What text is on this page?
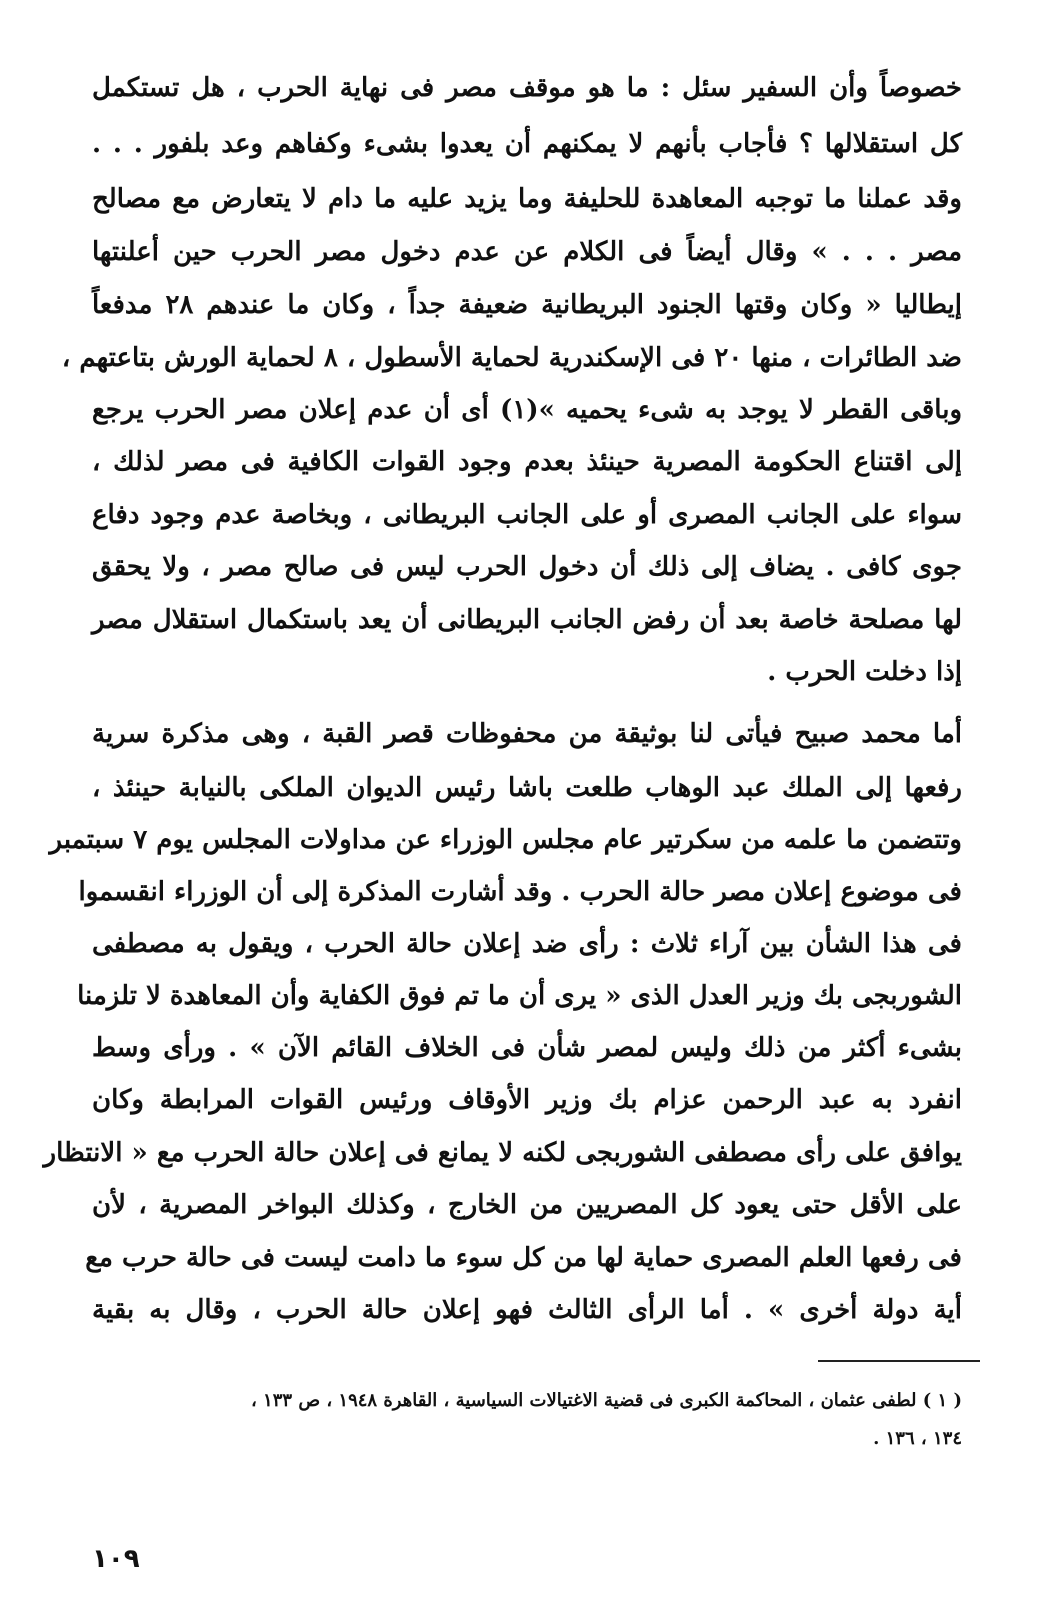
خصوصاً وأن السفير سئل : ما هو موقف مصر فى نهاية الحرب ، هل تستكمل
كل استقلالها ؟ فأجاب بأنهم لا يمكنهم أن يعدوا بشىء وكفاهم وعد بلفور . . .
وقد عملنا ما توجبه المعاهدة للحليفة وما يزيد عليه ما دام لا يتعارض مع مصالح
مصر . . . » وقال أيضاً فى الكلام عن عدم دخول مصر الحرب حين أعلنتها
إيطاليا « وكان وقتها الجنود البريطانية ضعيفة جداً ، وكان ما عندهم ٢٨ مدفعاً
ضد الطائرات ، منها ٢٠ فى الإسكندرية لحماية الأسطول ، ٨ لحماية الورش بتاعتهم ،
وباقى القطر لا يوجد به شىء يحميه »(١) أى أن عدم إعلان مصر الحرب يرجع
إلى اقتناع الحكومة المصرية حينئذ بعدم وجود القوات الكافية فى مصر لذلك ،
سواء على الجانب المصرى أو على الجانب البريطانى ، وبخاصة عدم وجود دفاع
جوى كافى . يضاف إلى ذلك أن دخول الحرب ليس فى صالح مصر ، ولا يحقق
لها مصلحة خاصة بعد أن رفض الجانب البريطانى أن يعد باستكمال استقلال مصر
إذا دخلت الحرب .
أما محمد صبيح فيأتى لنا بوثيقة من محفوظات قصر القبة ، وهى مذكرة سرية
رفعها إلى الملك عبد الوهاب طلعت باشا رئيس الديوان الملكى بالنيابة حينئذ ،
وتتضمن ما علمه من سكرتير عام مجلس الوزراء عن مداولات المجلس يوم ٧ سبتمبر
فى موضوع إعلان مصر حالة الحرب . وقد أشارت المذكرة إلى أن الوزراء انقسموا
فى هذا الشأن بين آراء ثلاث : رأى ضد إعلان حالة الحرب ، ويقول به مصطفى
الشوربجى بك وزير العدل الذى « يرى أن ما تم فوق الكفاية وأن المعاهدة لا تلزمنا
بشىء أكثر من ذلك وليس لمصر شأن فى الخلاف القائم الآن » . ورأى وسط
انفرد به عبد الرحمن عزام بك وزير الأوقاف ورئيس القوات المرابطة وكان
يوافق على رأى مصطفى الشوربجى لكنه لا يمانع فى إعلان حالة الحرب مع « الانتظار
على الأقل حتى يعود كل المصريين من الخارج ، وكذلك البواخر المصرية ، لأن
فى رفعها العلم المصرى حماية لها من كل سوء ما دامت ليست فى حالة حرب مع
أية دولة أخرى » . أما الرأى الثالث فهو إعلان حالة الحرب ، وقال به بقية
( ١ ) لطفى عثمان ، المحاكمة الكبرى فى قضية الاغتيالات السياسية ، القاهرة ١٩٤٨ ، ص ١٣٣ ،
١٣٤ ، ١٣٦ .
١٠٩
